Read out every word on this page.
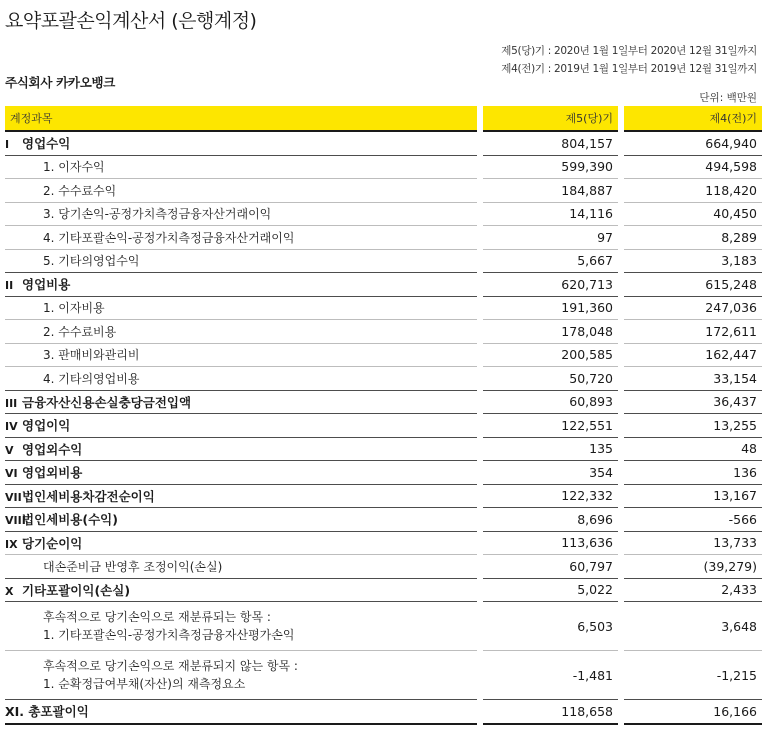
요약포괄손익계산서 (은행계정)
제5(당)기 : 2020년 1월 1일부터 2020년 12월 31일까지
주식회사 카카오뱅크
제4(전)기 : 2019년 1월 1일부터 2019년 12월 31일까지
단위: 백만원
계정과목	제5(당)기	제4(전)기
I 영업수익	804,157	664,940
1. 이자수익	599,390	494,598
2. 수수료수익	184,887	118,420
3. 당기손익-공정가치측정금융자산거래이익	14,116	40,450
4. 기타포괄손익-공정가치측정금융자산거래이익	97	8,289
5. 기타의영업수익	5,667	3,183
II 영업비용	620,713	615,248
1. 이자비용	191,360	247,036
2. 수수료비용	178,048	172,611
3. 판매비와관리비	200,585	162,447
4. 기타의영업비용	50,720	33,154
III 금융자산신용손실충당금전입액	60,893	36,437
IV 영업이익	122,551	13,255
V 영업외수익	135	48
VI 영업외비용	354	136
VII법인세비용차감전순이익	122,332	13,167
VIII법인세비용(수익)	8,696	-566
IX 당기순이익	113,636	13,733
대손준비금 반영후 조정이익(손실)	60,797	(39,279)
X 기타포괄이익(손실)	5,022	2,433

후속적으로 당기손익으로 재분류되는 항목 :
1. 기타포괄손익-공정가치측정금융자산평가손익	6,503	3,648

후속적으로 당기손익으로 재분류되지 않는 항목 :
1. 순확정급여부채(자산)의 재측정요소	-1,481	-1,215
XI. 총포괄이익	118,658	16,166
